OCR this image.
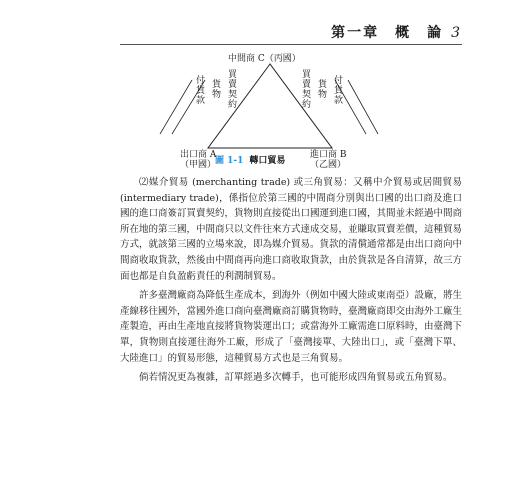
第一章　概　論 3
中間商 C（丙國）
出口商 A
（甲國）
進口商 B
（乙國）
付貨款
貨物
買賣契約
買賣契約
貨物
付貨款
圖 1-1 轉口貿易

⑵媒介貿易 (merchanting trade) 或三角貿易：又稱中介貿易或居間貿易 (intermediary trade)，係指位於第三國的中間商分別與出口國的出口商及進口國的進口商簽訂買賣契約，貨物則直接從出口國運到進口國，其間並未經過中間商所在地的第三國，中間商只以文件往來方式達成交易，並賺取買賣差價，這種貿易方式，就該第三國的立場來說，即為媒介貿易。貨款的清償通常都是由出口商向中間商收取貨款，然後由中間商再向進口商收取貨款，由於貨款是各自清算，故三方面也都是自負盈虧責任的利潤制貿易。

許多臺灣廠商為降低生產成本，到海外（例如中國大陸或東南亞）設廠，將生產線移往國外，當國外進口商向臺灣廠商訂購貨物時，臺灣廠商即交由海外工廠生產製造，再由生產地直接將貨物裝運出口；或當海外工廠需進口原料時，由臺灣下單，貨物則直接運往海外工廠，形成了「臺灣接單、大陸出口」，或「臺灣下單、大陸進口」的貿易形態，這種貿易方式也是三角貿易。

倘若情況更為複雜，訂單經過多次轉手，也可能形成四角貿易或五角貿易。
